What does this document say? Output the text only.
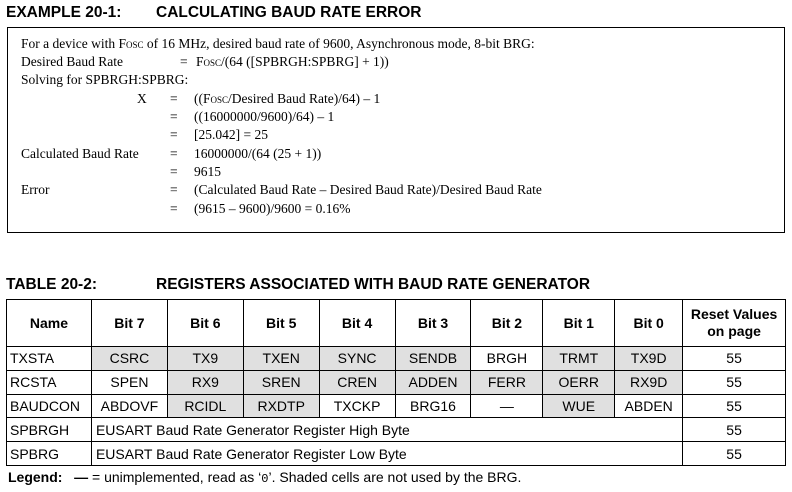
EXAMPLE 20-1: CALCULATING BAUD RATE ERROR

For a device with Fosc of 16 MHz, desired baud rate of 9600, Asynchronous mode, 8-bit BRG:
Desired Baud Rate	= Fosc/(64 ([SPBRGH:SPBRG] + 1))
Solving for SPBRGH:SPBRG:
X = ((Fosc/Desired Baud Rate)/64) – 1
= ((16000000/9600)/64) – 1
= [25.042] = 25
Calculated Baud Rate = 16000000/(64 (25 + 1))
= 9615
Error	= (Calculated Baud Rate – Desired Baud Rate)/Desired Baud Rate
= (9615 – 9600)/9600 = 0.16%

TABLE 20-2:	REGISTERS ASSOCIATED WITH BAUD RATE GENERATOR

Name	Bit 7	Bit 6	Bit 5	Bit 4	Bit 3	Bit 2	Bit 1	Bit 0	Reset Values
on page
TXSTA	CSRC	TX9	TXEN	SYNC	SENDB	BRGH	TRMT	TX9D	55
RCSTA	SPEN	RX9	SREN	CREN	ADDEN	FERR	OERR	RX9D	55
BAUDCON	ABDOVF	RCIDL	RXDTP	TXCKP	BRG16	—	WUE	ABDEN	55
SPBRGH	EUSART Baud Rate Generator Register High Byte								55
SPBRG	EUSART Baud Rate Generator Register Low Byte								55

Legend: — = unimplemented, read as ‘0’. Shaded cells are not used by the BRG.
